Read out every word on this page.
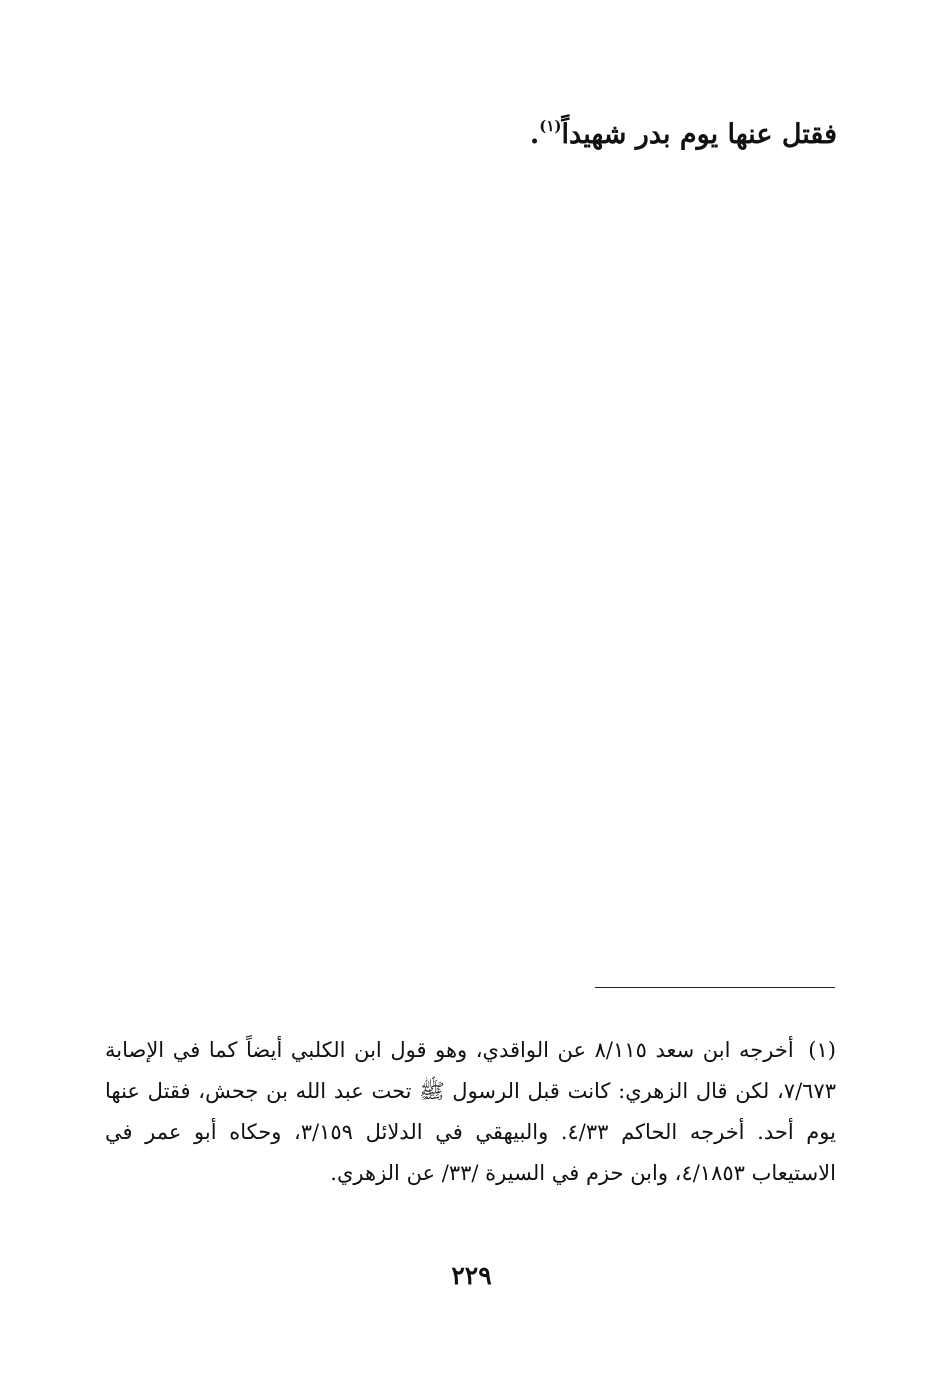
فقتل عنها يوم بدر شهيداً$^{(١)}$.
(١) أخرجه ابن سعد ٨/١١٥ عن الواقدي، وهو قول ابن الكلبي أيضاً كما في الإصابة ٧/٦٧٣، لكن قال الزهري: كانت قبل الرسول ﷺ تحت عبد الله بن جحش، فقتل عنها يوم أحد. أخرجه الحاكم ٤/٣٣. والبيهقي في الدلائل ٣/١٥٩، وحكاه أبو عمر في الاستيعاب ٤/١٨٥٣، وابن حزم في السيرة /٣٣/ عن الزهري.
٢٢٩
